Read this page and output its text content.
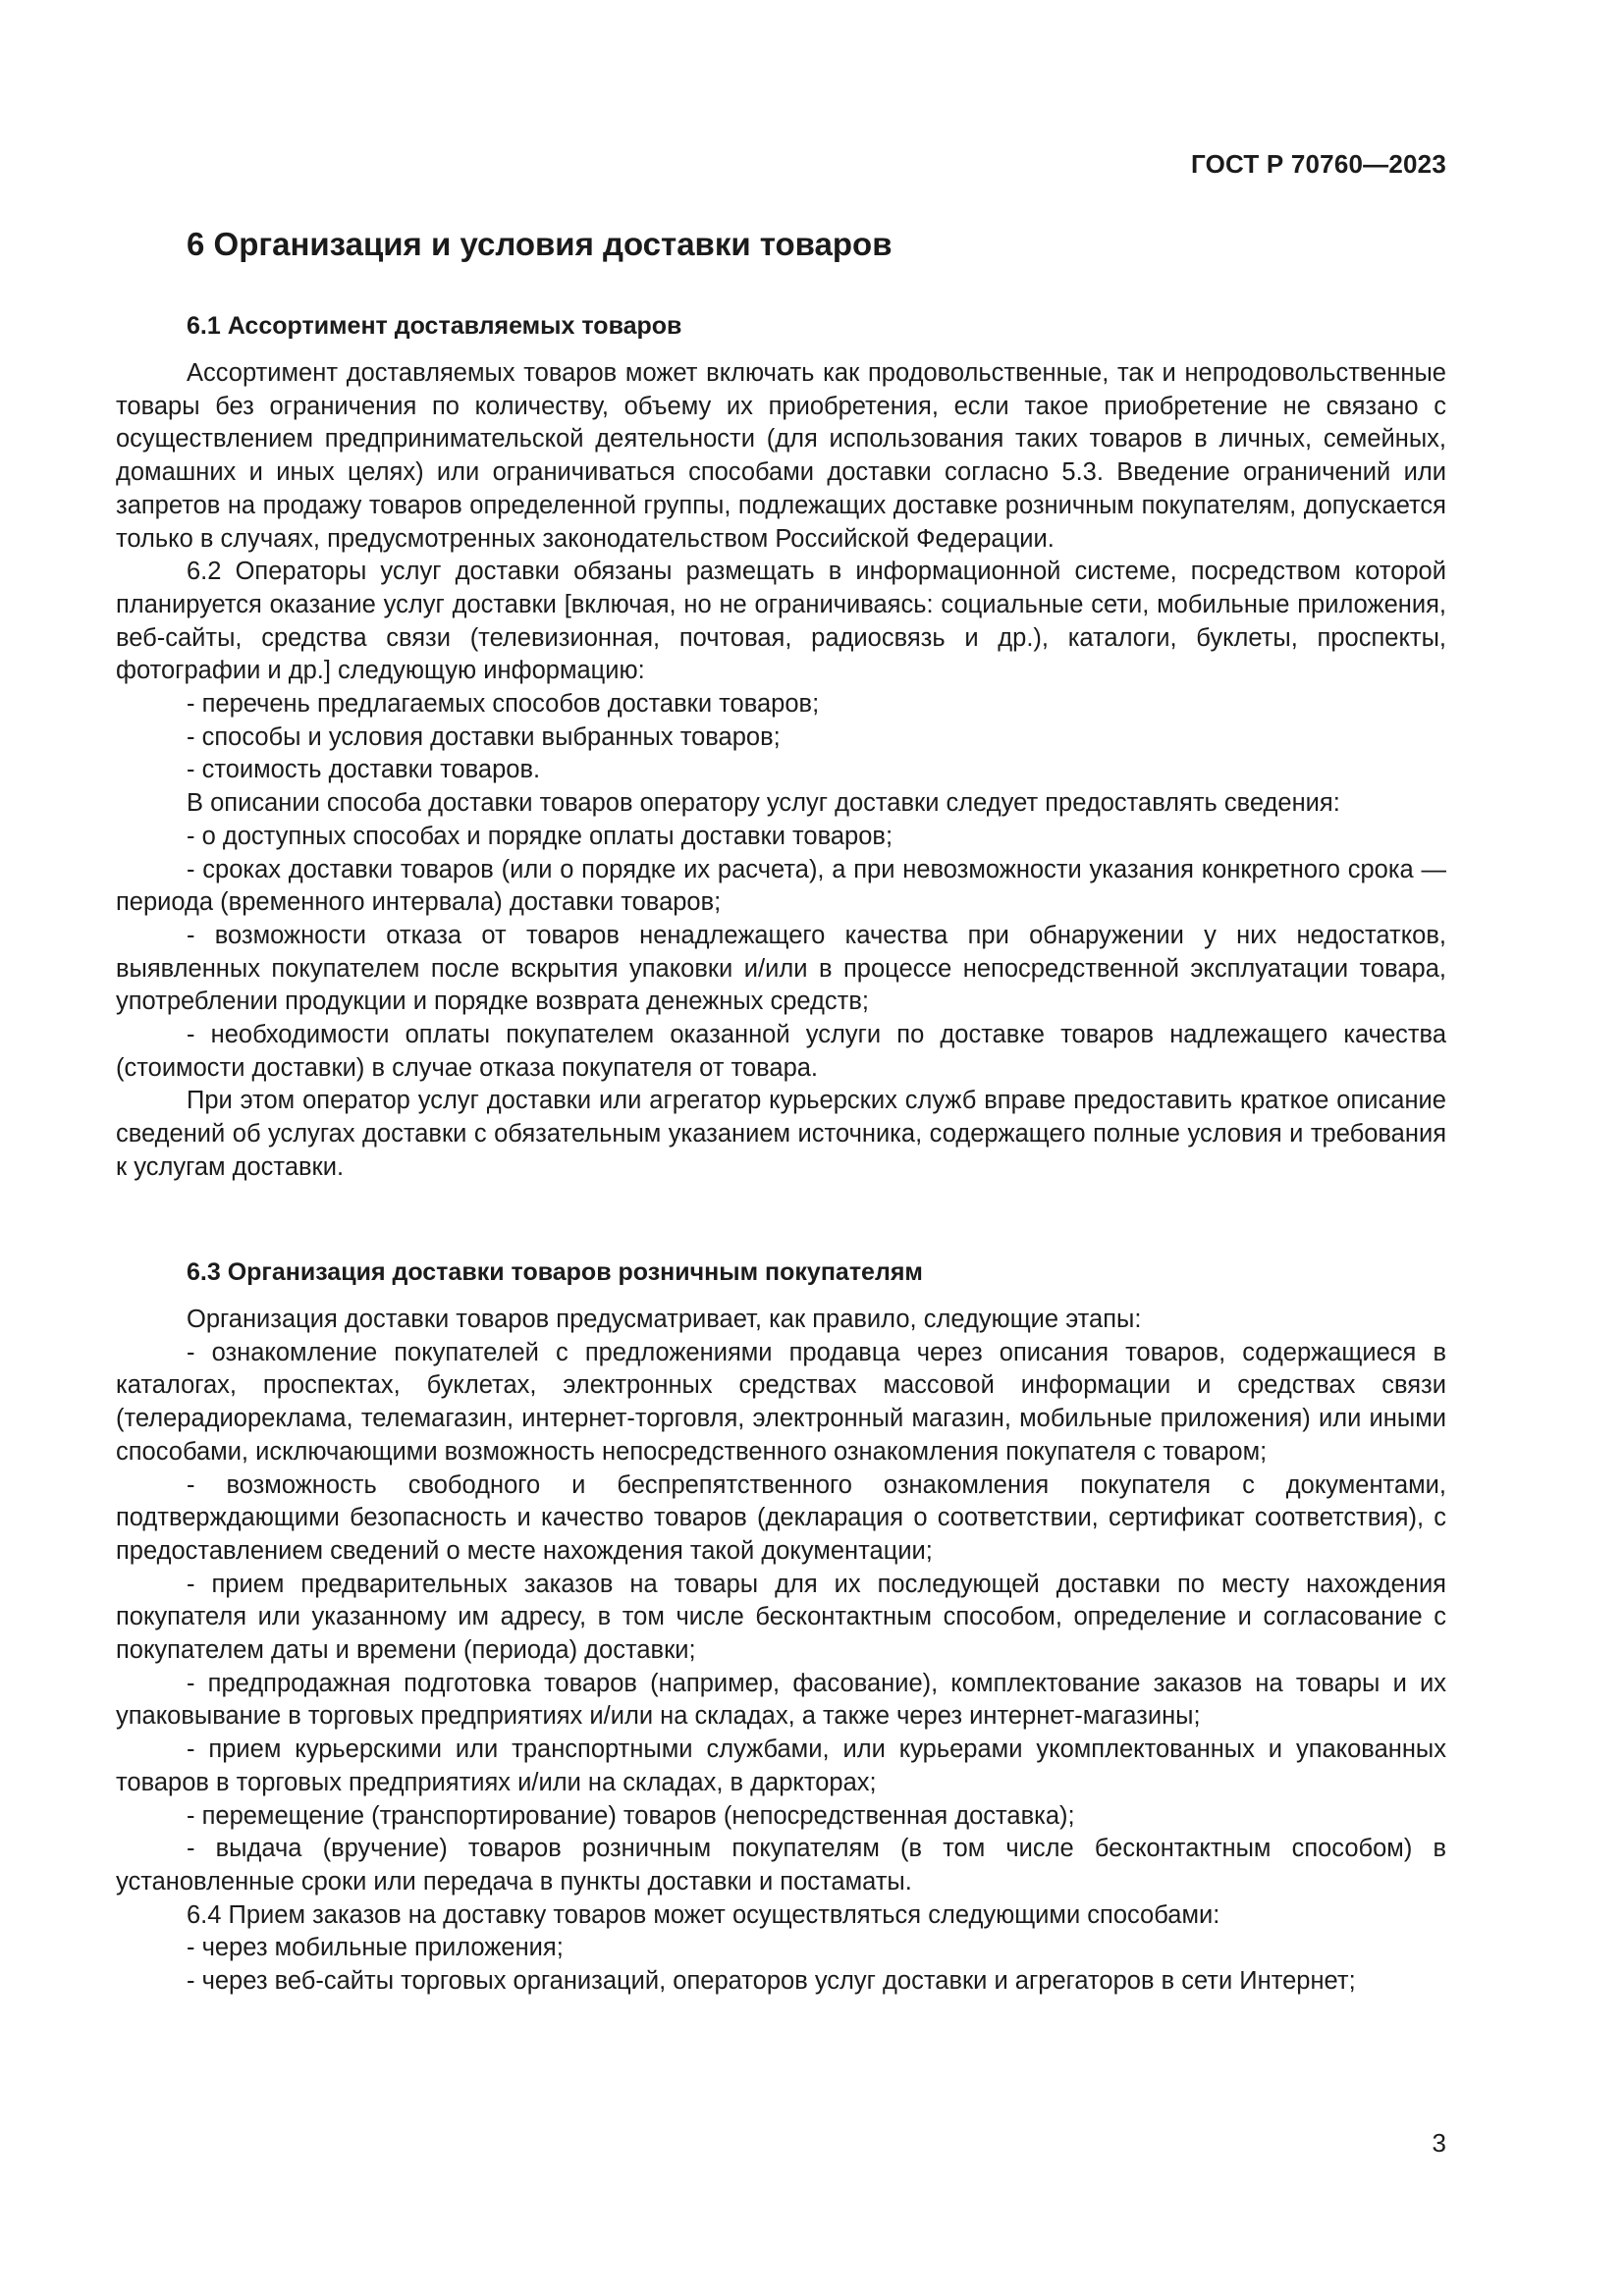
ГОСТ Р 70760—2023
6 Организация и условия доставки товаров
6.1 Ассортимент доставляемых товаров

Ассортимент доставляемых товаров может включать как продовольственные, так и непродовольственные товары без ограничения по количеству, объему их приобретения, если такое приобретение не связано с осуществлением предпринимательской деятельности (для использования таких товаров в личных, семейных, домашних и иных целях) или ограничиваться способами доставки согласно 5.3. Введение ограничений или запретов на продажу товаров определенной группы, подлежащих доставке розничным покупателям, допускается только в случаях, предусмотренных законодательством Российской Федерации.

6.2 Операторы услуг доставки обязаны размещать в информационной системе, посредством которой планируется оказание услуг доставки [включая, но не ограничиваясь: социальные сети, мобильные приложения, веб-сайты, средства связи (телевизионная, почтовая, радиосвязь и др.), каталоги, буклеты, проспекты, фотографии и др.] следующую информацию:

- перечень предлагаемых способов доставки товаров;

- способы и условия доставки выбранных товаров;

- стоимость доставки товаров.

В описании способа доставки товаров оператору услуг доставки следует предоставлять сведения:

- о доступных способах и порядке оплаты доставки товаров;

- сроках доставки товаров (или о порядке их расчета), а при невозможности указания конкретного срока — периода (временного интервала) доставки товаров;

- возможности отказа от товаров ненадлежащего качества при обнаружении у них недостатков, выявленных покупателем после вскрытия упаковки и/или в процессе непосредственной эксплуатации товара, употреблении продукции и порядке возврата денежных средств;

- необходимости оплаты покупателем оказанной услуги по доставке товаров надлежащего качества (стоимости доставки) в случае отказа покупателя от товара.

При этом оператор услуг доставки или агрегатор курьерских служб вправе предоставить краткое описание сведений об услугах доставки с обязательным указанием источника, содержащего полные условия и требования к услугам доставки.

6.3 Организация доставки товаров розничным покупателям

Организация доставки товаров предусматривает, как правило, следующие этапы:

- ознакомление покупателей с предложениями продавца через описания товаров, содержащиеся в каталогах, проспектах, буклетах, электронных средствах массовой информации и средствах связи (телерадиореклама, телемагазин, интернет-торговля, электронный магазин, мобильные приложения) или иными способами, исключающими возможность непосредственного ознакомления покупателя с товаром;

- возможность свободного и беспрепятственного ознакомления покупателя с документами, подтверждающими безопасность и качество товаров (декларация о соответствии, сертификат соответствия), с предоставлением сведений о месте нахождения такой документации;

- прием предварительных заказов на товары для их последующей доставки по месту нахождения покупателя или указанному им адресу, в том числе бесконтактным способом, определение и согласование с покупателем даты и времени (периода) доставки;

- предпродажная подготовка товаров (например, фасование), комплектование заказов на товары и их упаковывание в торговых предприятиях и/или на складах, а также через интернет-магазины;

- прием курьерскими или транспортными службами, или курьерами укомплектованных и упакованных товаров в торговых предприятиях и/или на складах, в даркторах;

- перемещение (транспортирование) товаров (непосредственная доставка);

- выдача (вручение) товаров розничным покупателям (в том числе бесконтактным способом) в установленные сроки или передача в пункты доставки и постаматы.

6.4 Прием заказов на доставку товаров может осуществляться следующими способами:

- через мобильные приложения;

- через веб-сайты торговых организаций, операторов услуг доставки и агрегаторов в сети Интернет;

3
